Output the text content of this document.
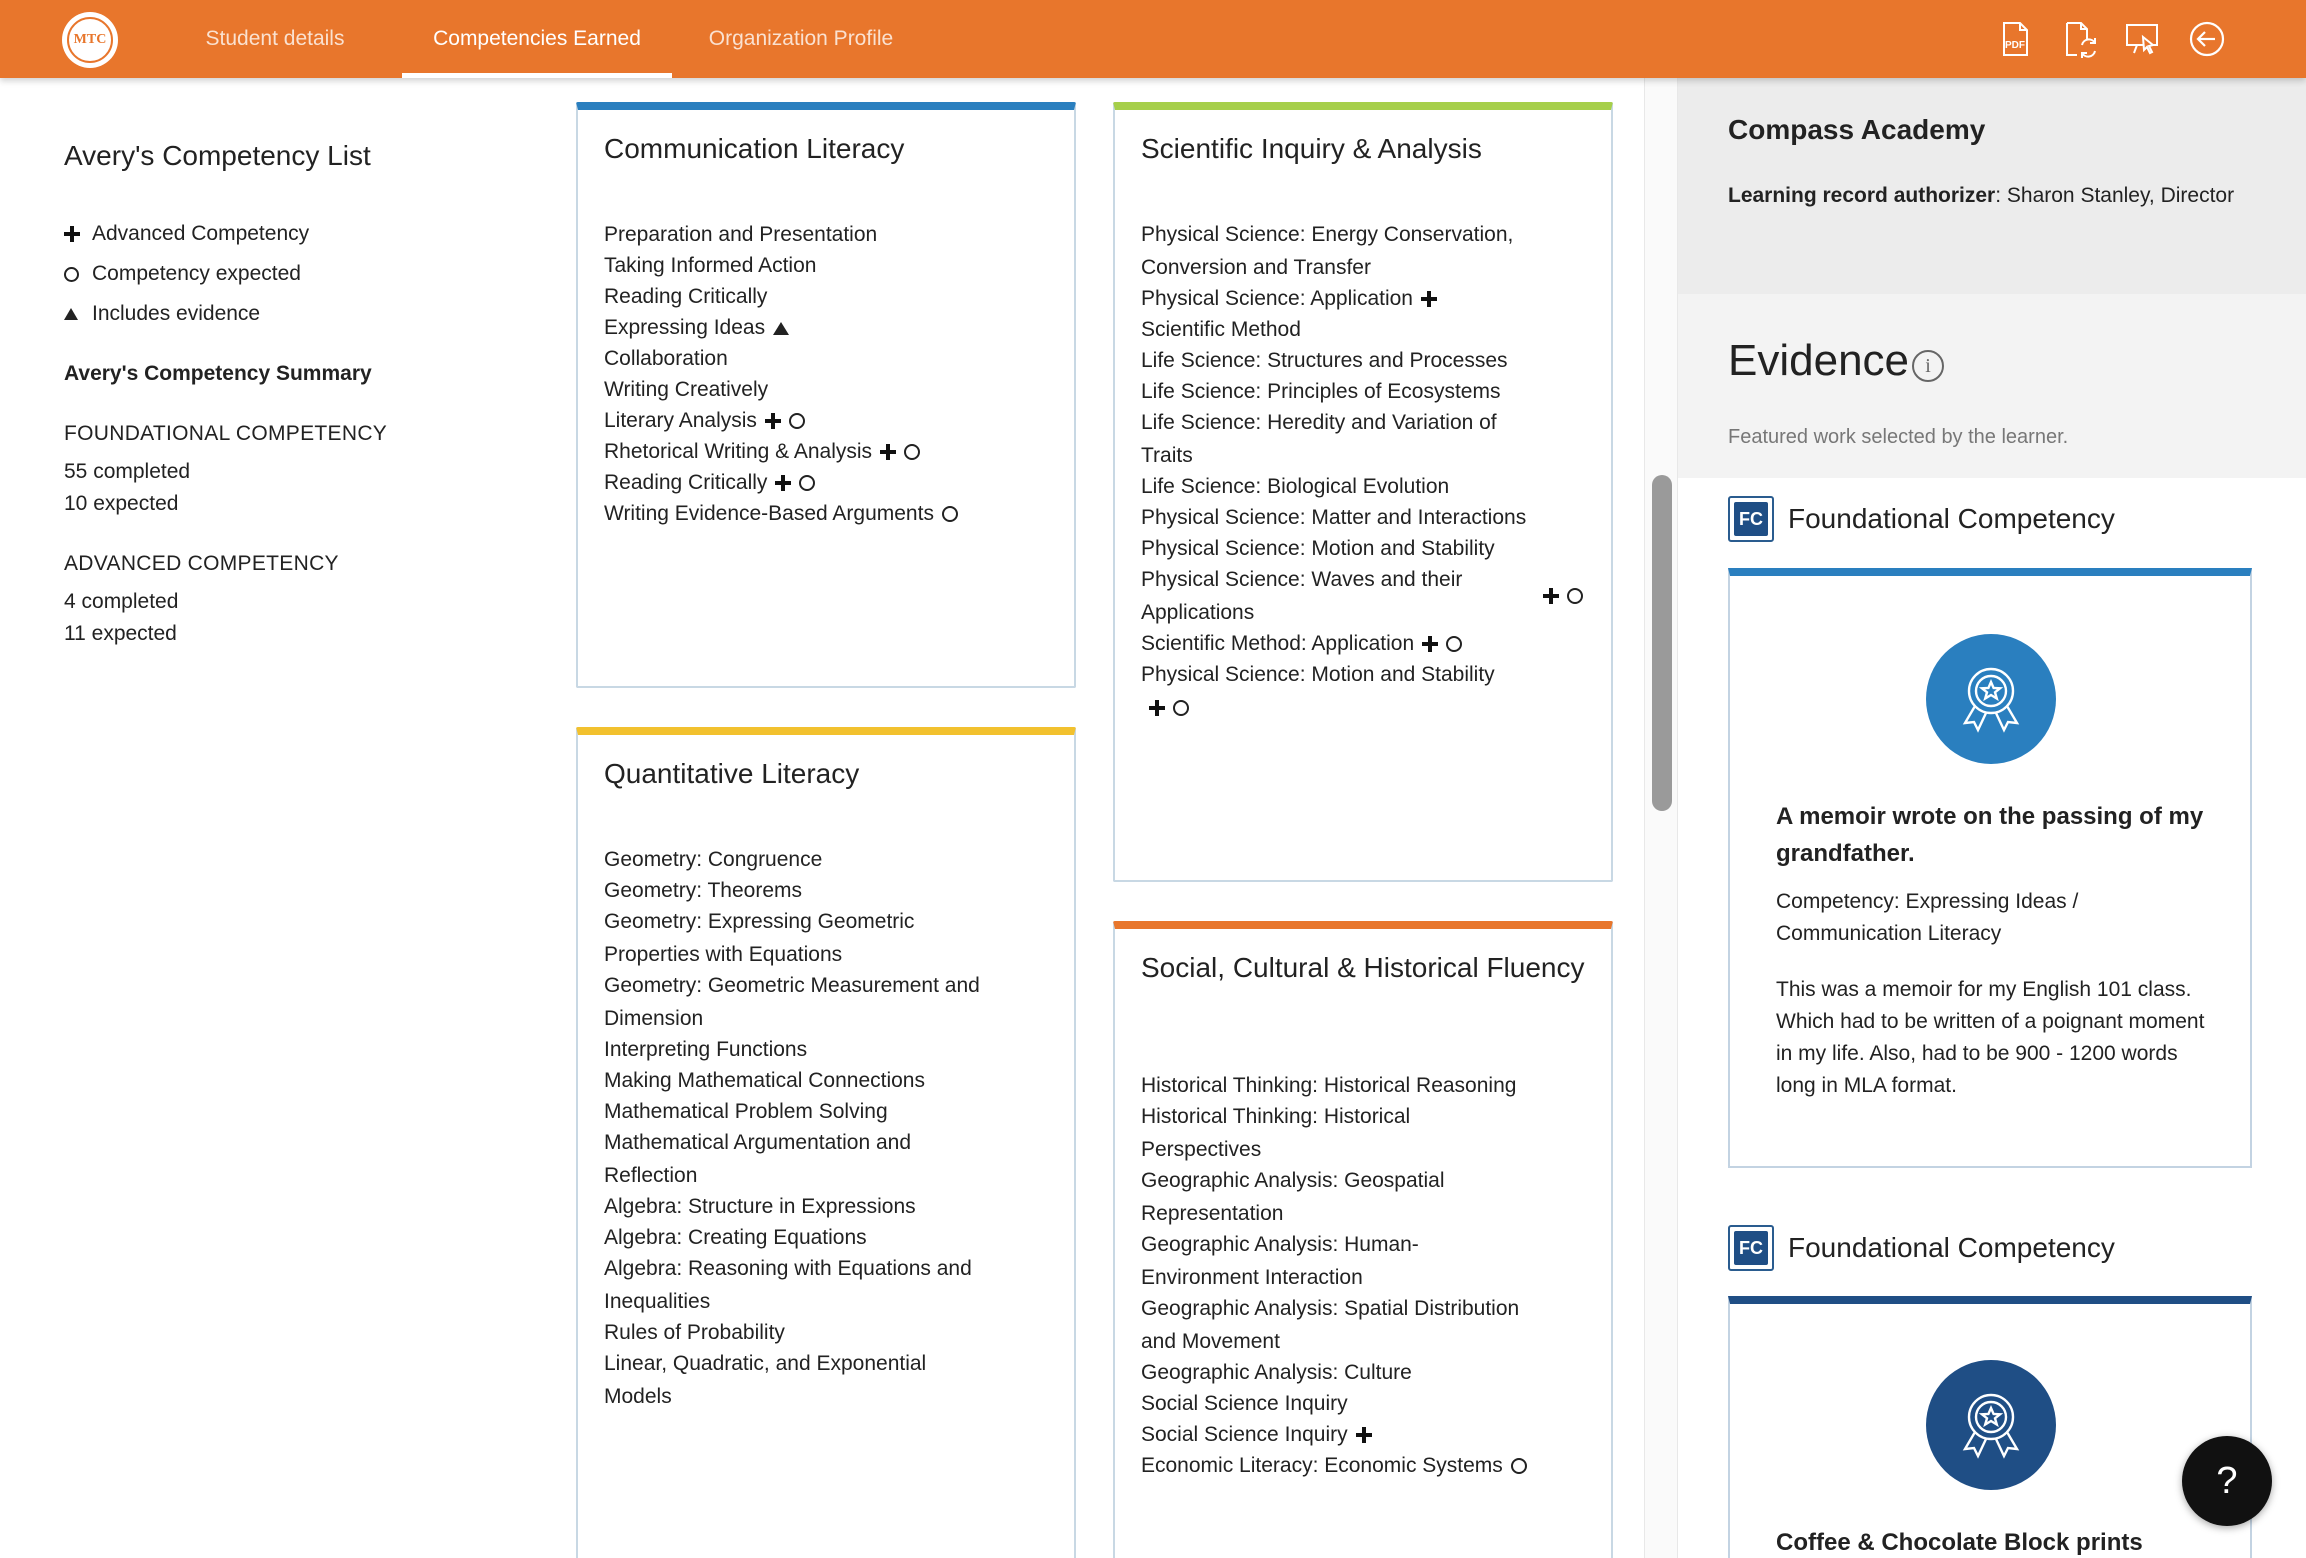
MTC	Student details	Competencies Earned	Organization Profile	PDF
Avery's Competency List
Advanced Competency
Competency expected
Includes evidence
Avery's Competency Summary
FOUNDATIONAL COMPETENCY
55 completed
10 expected
ADVANCED COMPETENCY
4 completed
11 expected
Communication Literacy
Preparation and Presentation
Taking Informed Action
Reading Critically
Expressing Ideas
Collaboration
Writing Creatively
Literary Analysis
Rhetorical Writing & Analysis
Reading Critically
Writing Evidence-Based Arguments
Quantitative Literacy
Geometry: Congruence
Geometry: Theorems
Geometry: Expressing Geometric Properties with Equations
Geometry: Geometric Measurement and Dimension
Interpreting Functions
Making Mathematical Connections
Mathematical Problem Solving
Mathematical Argumentation and Reflection
Algebra: Structure in Expressions
Algebra: Creating Equations
Algebra: Reasoning with Equations and Inequalities
Rules of Probability
Linear, Quadratic, and Exponential Models
Scientific Inquiry & Analysis
Physical Science: Energy Conservation, Conversion and Transfer
Physical Science: Application
Scientific Method
Life Science: Structures and Processes
Life Science: Principles of Ecosystems
Life Science: Heredity and Variation of Traits
Life Science: Biological Evolution
Physical Science: Matter and Interactions
Physical Science: Motion and Stability
Physical Science: Waves and their Applications
Scientific Method: Application
Physical Science: Motion and Stability
Social, Cultural & Historical Fluency
Historical Thinking: Historical Reasoning
Historical Thinking: Historical Perspectives
Geographic Analysis: Geospatial Representation
Geographic Analysis: Human-Environment Interaction
Geographic Analysis: Spatial Distribution and Movement
Geographic Analysis: Culture
Social Science Inquiry
Social Science Inquiry
Economic Literacy: Economic Systems
Compass Academy
Learning record authorizer: Sharon Stanley, Director
Evidence i
Featured work selected by the learner.
FC Foundational Competency
A memoir wrote on the passing of my grandfather.
Competency: Expressing Ideas / Communication Literacy
This was a memoir for my English 101 class. Which had to be written of a poignant moment in my life. Also, had to be 900 - 1200 words long in MLA format.
FC Foundational Competency
Coffee & Chocolate Block prints
?
